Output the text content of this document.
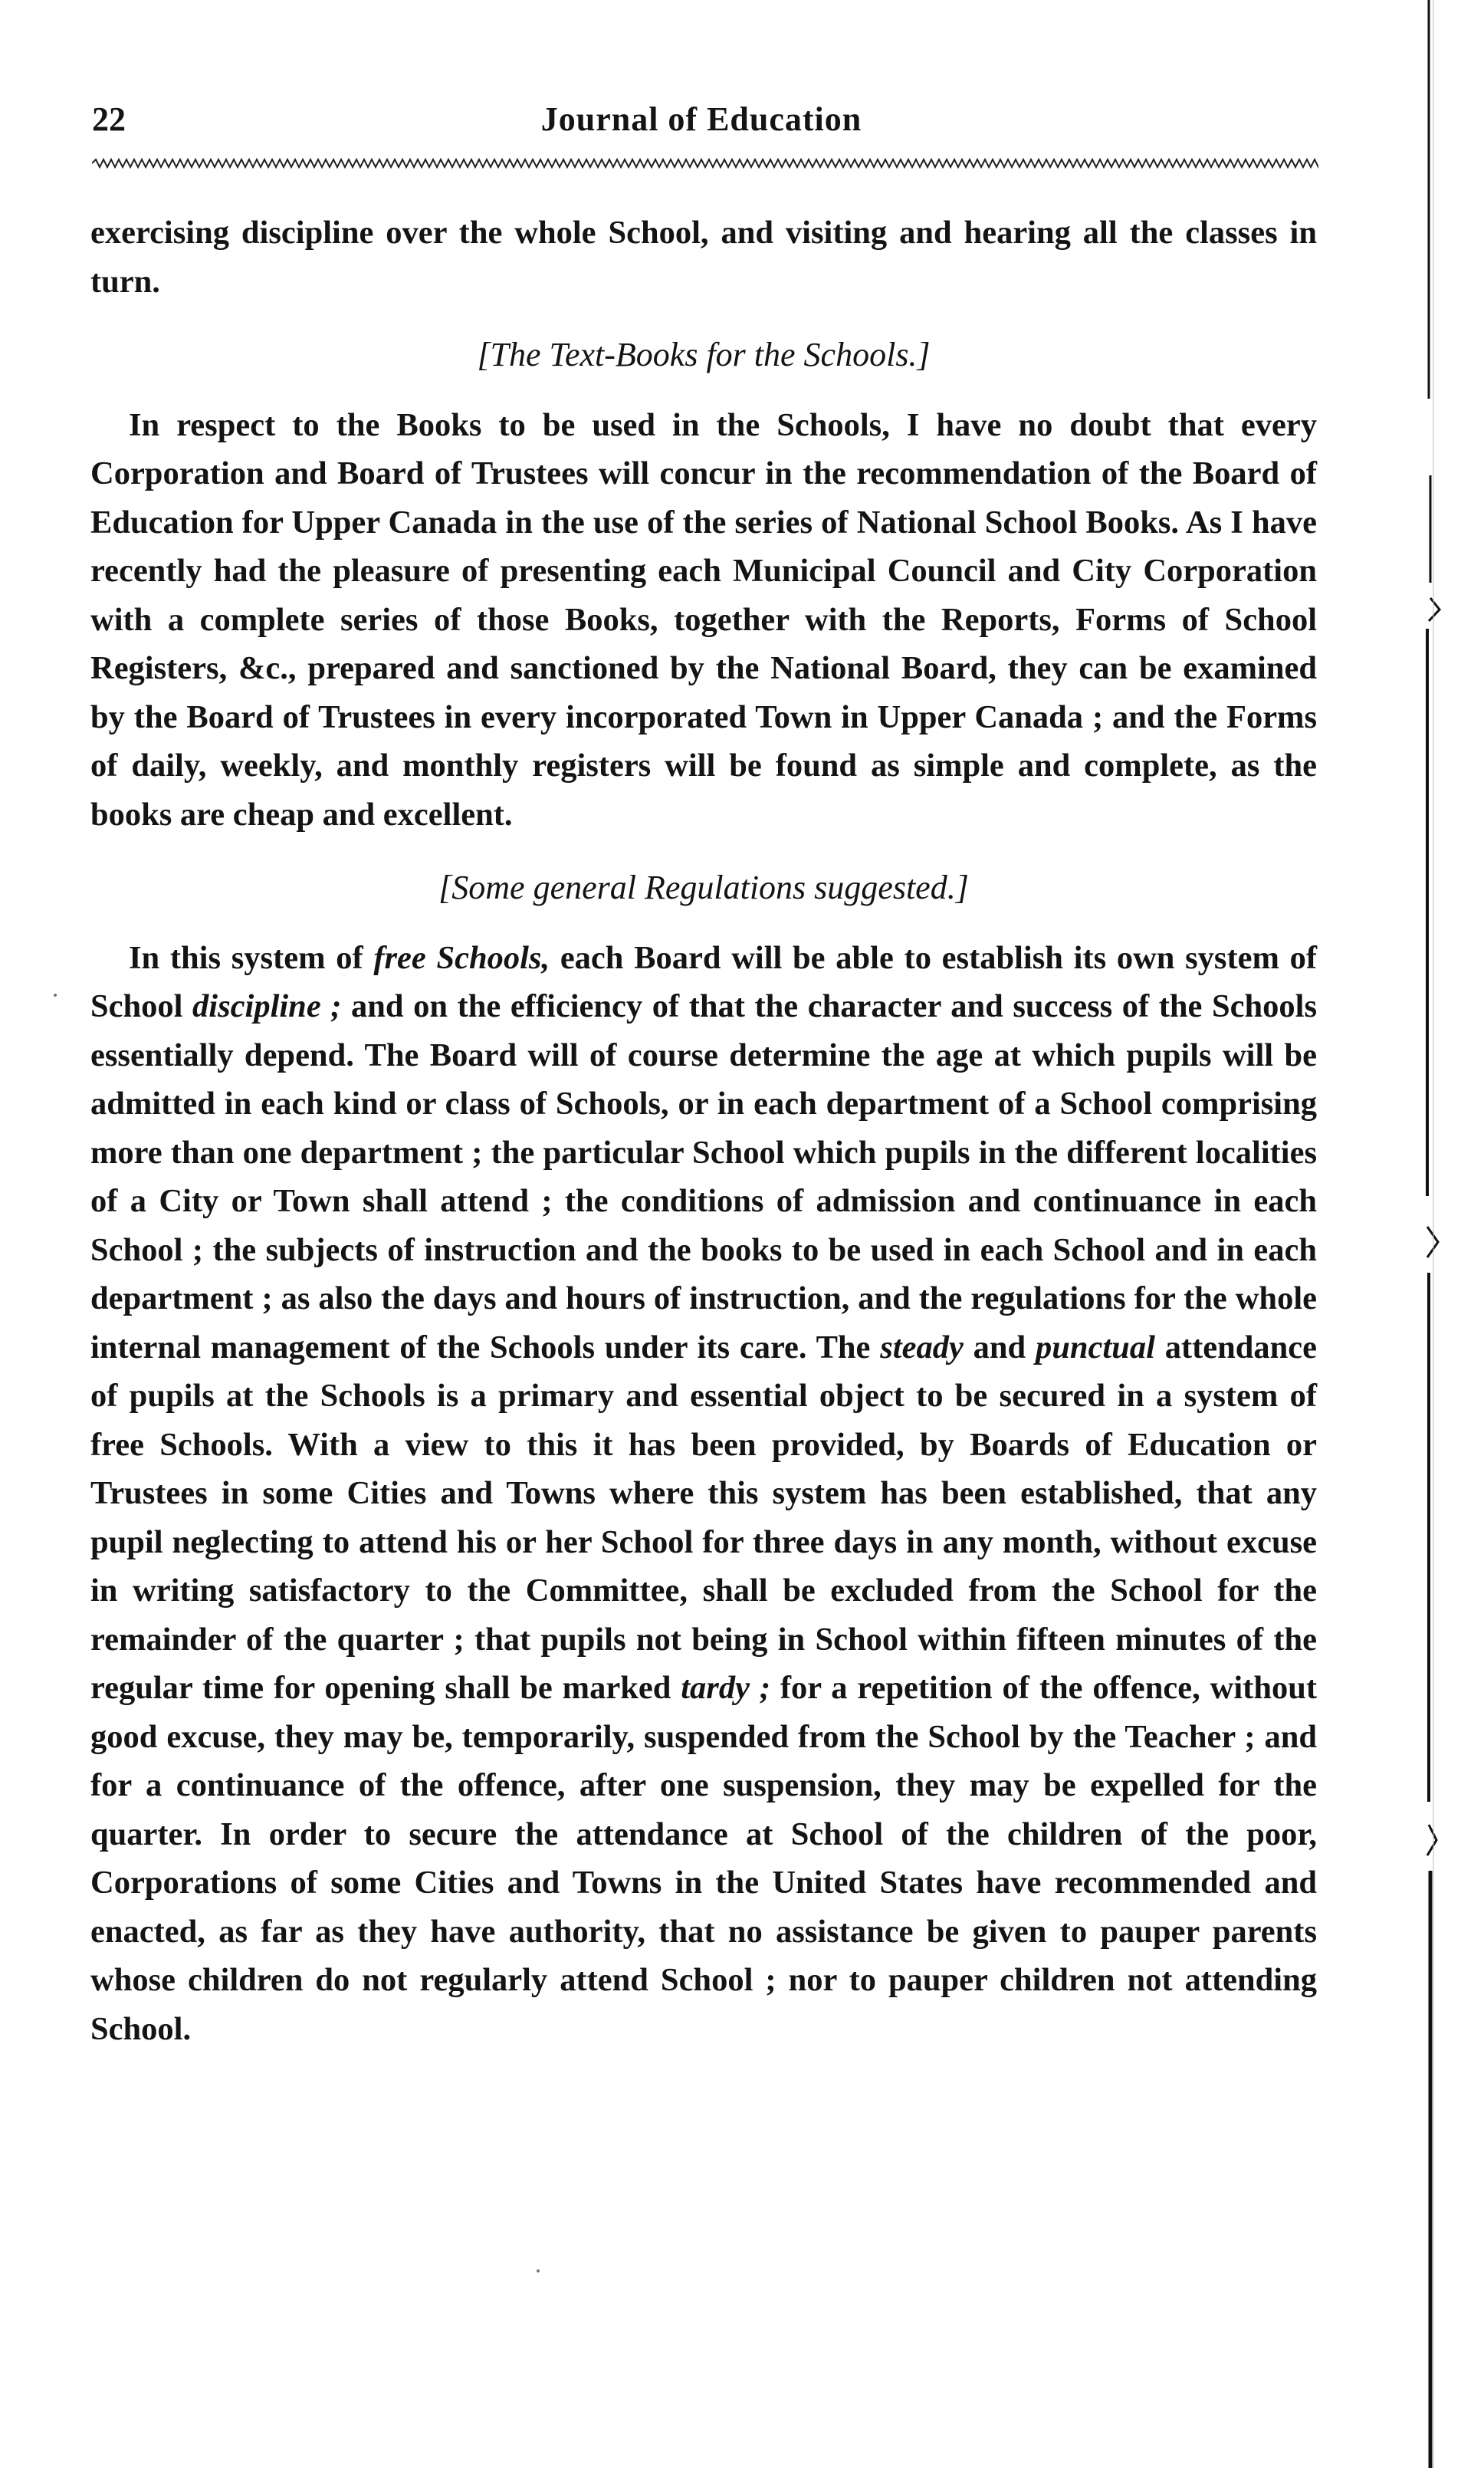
22	Journal of Education

exercising discipline over the whole School, and visiting and hearing all the classes in turn.

[The Text-Books for the Schools.]

In respect to the Books to be used in the Schools, I have no doubt that every Corporation and Board of Trustees will concur in the recommendation of the Board of Education for Upper Canada in the use of the series of National School Books. As I have recently had the pleasure of presenting each Municipal Council and City Corporation with a complete series of those Books, together with the Reports, Forms of School Registers, &c., prepared and sanctioned by the National Board, they can be examined by the Board of Trustees in every incorporated Town in Upper Canada ; and the Forms of daily, weekly, and monthly registers will be found as simple and complete, as the books are cheap and excellent.

[Some general Regulations suggested.]

In this system of free Schools, each Board will be able to establish its own system of School discipline ; and on the efficiency of that the character and success of the Schools essentially depend. The Board will of course determine the age at which pupils will be admitted in each kind or class of Schools, or in each department of a School comprising more than one department ; the particular School which pupils in the different localities of a City or Town shall attend ; the conditions of admission and continuance in each School ; the subjects of instruction and the books to be used in each School and in each department ; as also the days and hours of instruction, and the regulations for the whole internal management of the Schools under its care. The steady and punctual attendance of pupils at the Schools is a primary and essential object to be secured in a system of free Schools. With a view to this it has been provided, by Boards of Education or Trustees in some Cities and Towns where this system has been established, that any pupil neglecting to attend his or her School for three days in any month, without excuse in writing satisfactory to the Committee, shall be excluded from the School for the remainder of the quarter ; that pupils not being in School within fifteen minutes of the regular time for opening shall be marked tardy ; for a repetition of the offence, without good excuse, they may be, temporarily, suspended from the School by the Teacher ; and for a continuance of the offence, after one suspension, they may be expelled for the quarter. In order to secure the attendance at School of the children of the poor, Corporations of some Cities and Towns in the United States have recommended and enacted, as far as they have authority, that no assistance be given to pauper parents whose children do not regularly attend School ; nor to pauper children not attending School.
